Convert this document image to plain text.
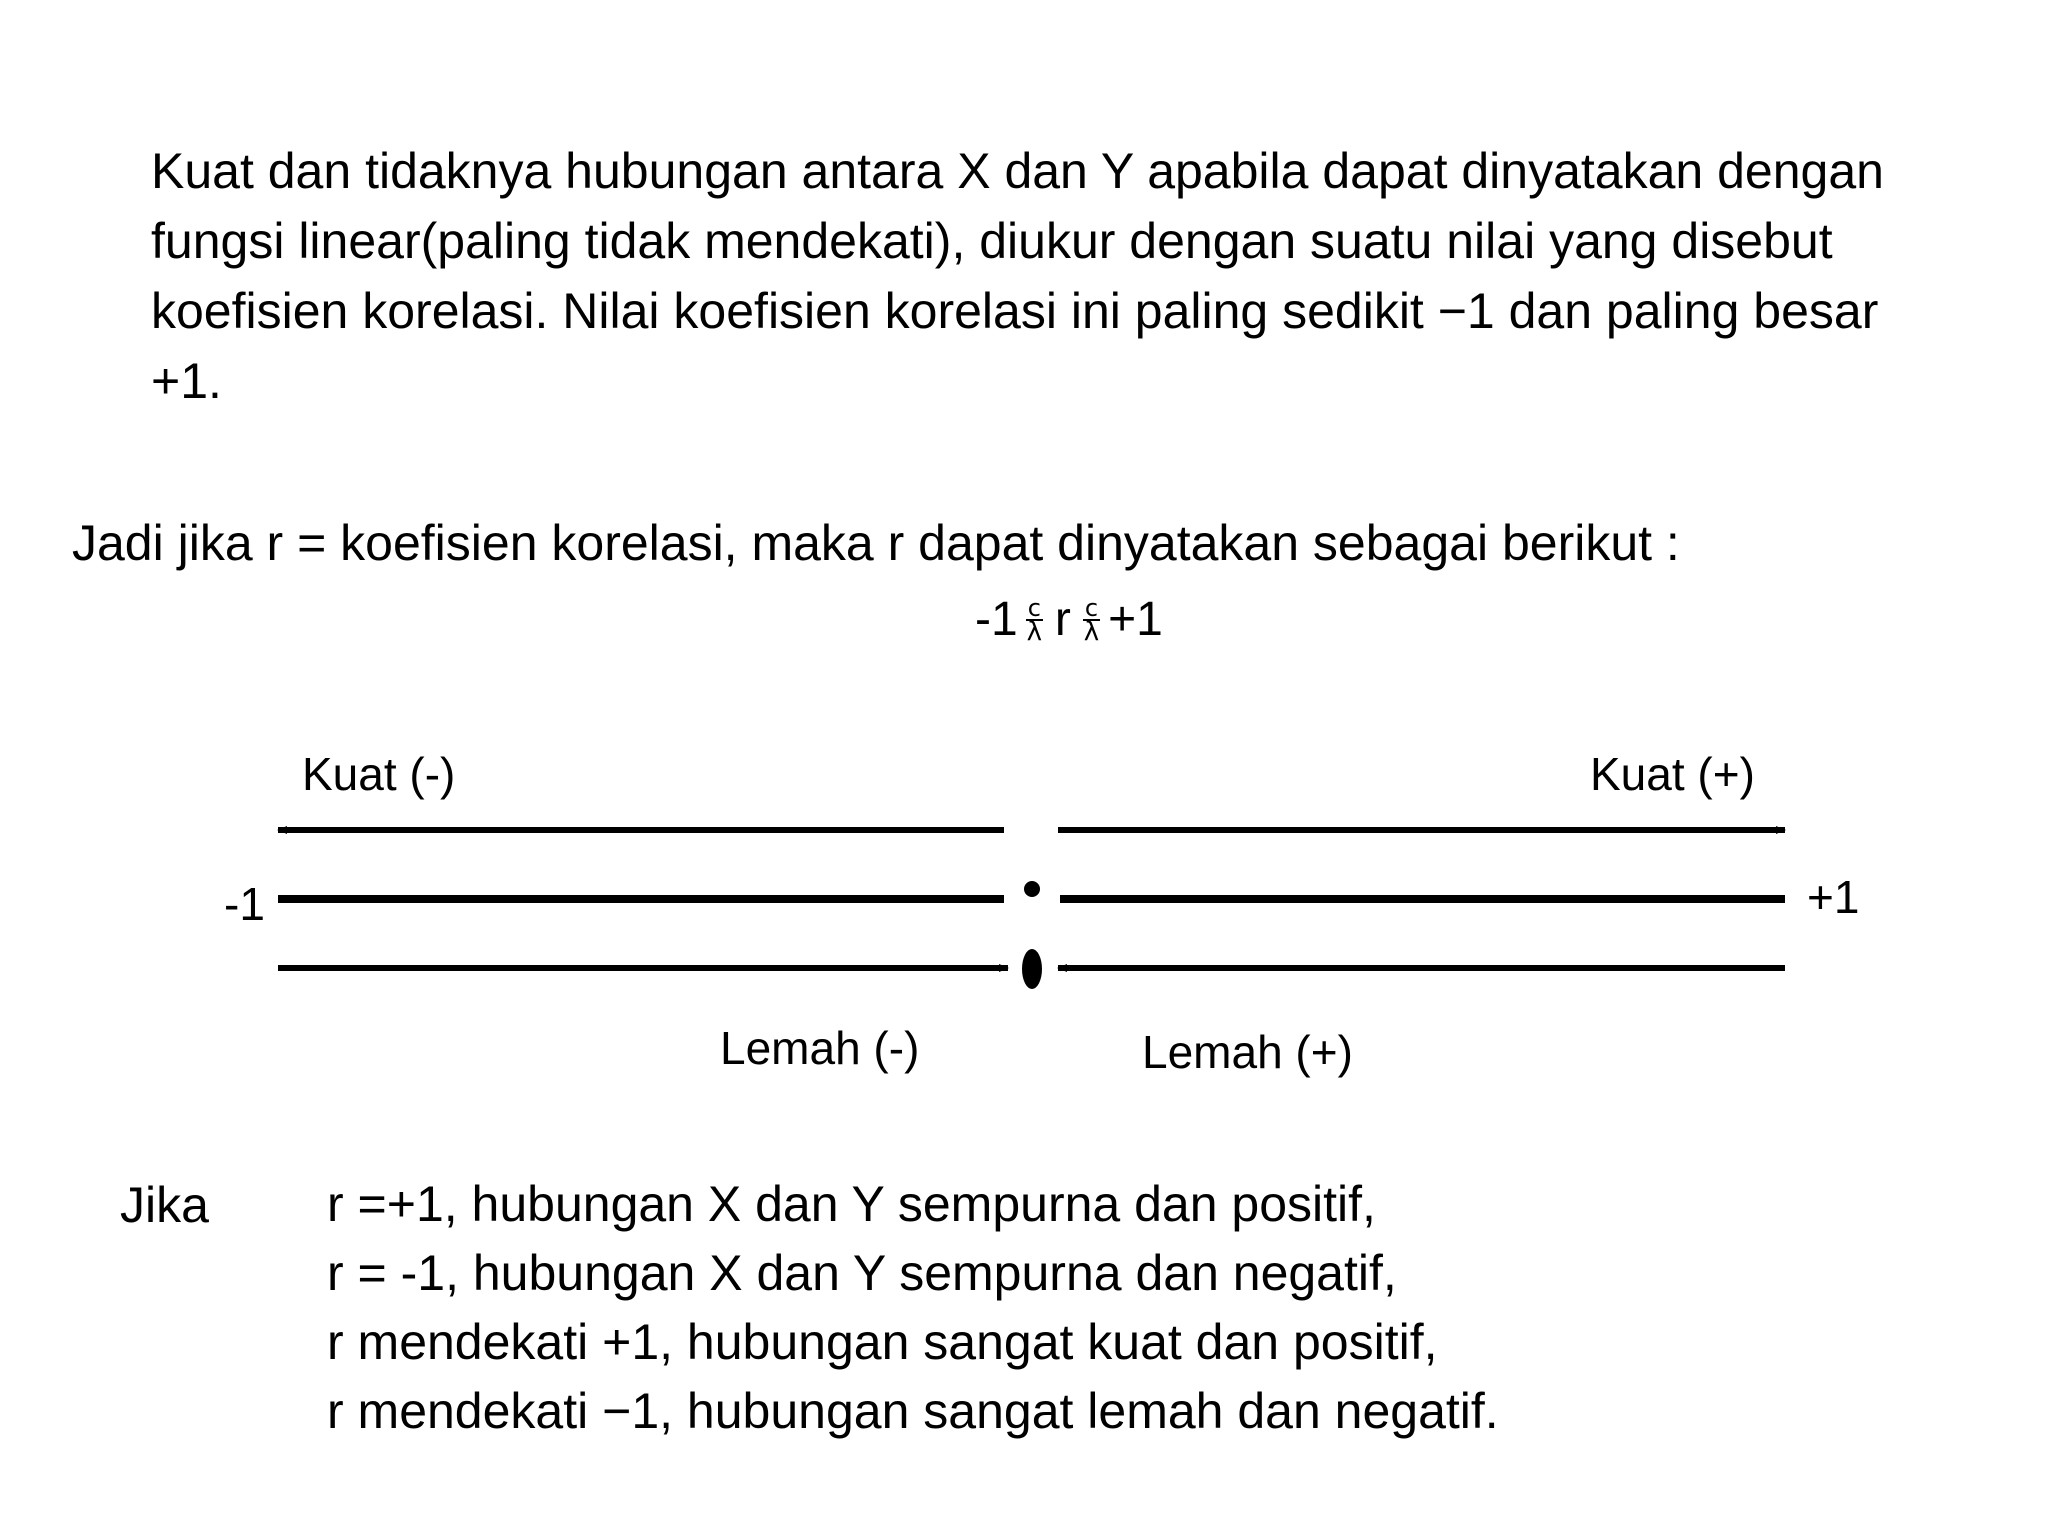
Kuat dan tidaknya hubungan antara X dan Y apabila dapat dinyatakan dengan
fungsi linear(paling tidak mendekati), diukur dengan suatu nilai yang disebut
koefisien korelasi. Nilai koefisien korelasi ini paling sedikit −1 dan paling besar
+1.
Jadi jika r = koefisien korelasi, maka r dapat dinyatakan sebagai berikut :
-1 c
λ r c
λ +1
Kuat (-)	Kuat (+)
-1	+1
Lemah (-)	Lemah (+)
Jika r =+1, hubungan X dan Y sempurna dan positif,
r = -1, hubungan X dan Y sempurna dan negatif,
r mendekati +1, hubungan sangat kuat dan positif,
r mendekati −1, hubungan sangat lemah dan negatif.
